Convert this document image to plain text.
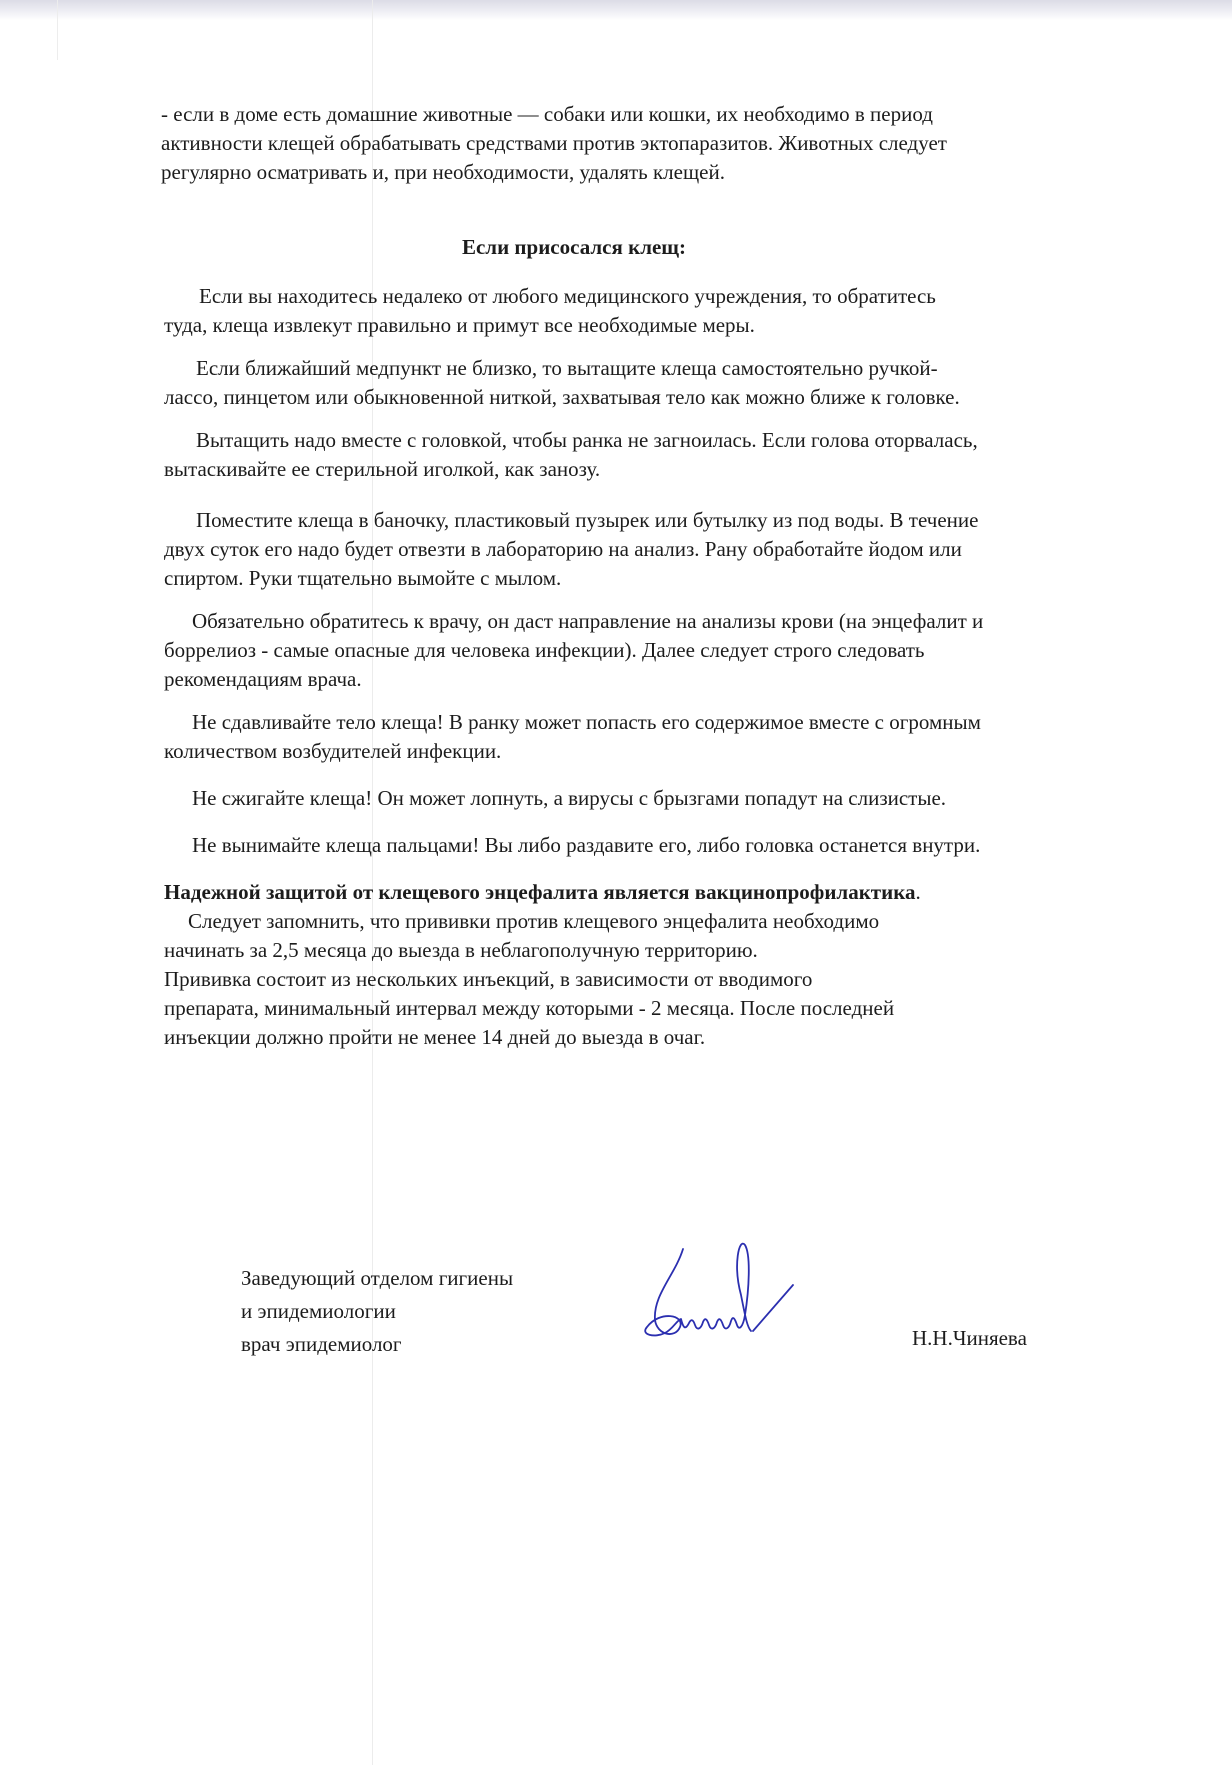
- если в доме есть домашние животные — собаки или кошки, их необходимо в период
активности клещей обрабатывать средствами против эктопаразитов. Животных следует
регулярно осматривать и, при необходимости, удалять клещей.

Если присосался клещ:

Если вы находитесь недалеко от любого медицинского учреждения, то обратитесь
туда, клеща извлекут правильно и примут все необходимые меры.

Если ближайший медпункт не близко, то вытащите клеща самостоятельно ручкой-
лассо, пинцетом или обыкновенной ниткой, захватывая тело как можно ближе к головке.

Вытащить надо вместе с головкой, чтобы ранка не загноилась. Если голова оторвалась,
вытаскивайте ее стерильной иголкой, как занозу.

Поместите клеща в баночку, пластиковый пузырек или бутылку из под воды. В течение
двух суток его надо будет отвезти в лабораторию на анализ. Рану обработайте йодом или
спиртом. Руки тщательно вымойте с мылом.

Обязательно обратитесь к врачу, он даст направление на анализы крови (на энцефалит и
боррелиоз - самые опасные для человека инфекции). Далее следует строго следовать
рекомендациям врача.

Не сдавливайте тело клеща! В ранку может попасть его содержимое вместе с огромным
количеством возбудителей инфекции.

Не сжигайте клеща! Он может лопнуть, а вирусы с брызгами попадут на слизистые.

Не вынимайте клеща пальцами! Вы либо раздавите его, либо головка останется внутри.

Надежной защитой от клещевого энцефалита является вакцинопрофилактика.
Следует запомнить, что прививки против клещевого энцефалита необходимо
начинать за 2,5 месяца до выезда в неблагополучную территорию.
Прививка состоит из нескольких инъекций, в зависимости от вводимого
препарата, минимальный интервал между которыми - 2 месяца. После последней
инъекции должно пройти не менее 14 дней до выезда в очаг.

Заведующий отделом гигиены
и эпидемиологии
врач эпидемиолог	Н.Н.Чиняева
